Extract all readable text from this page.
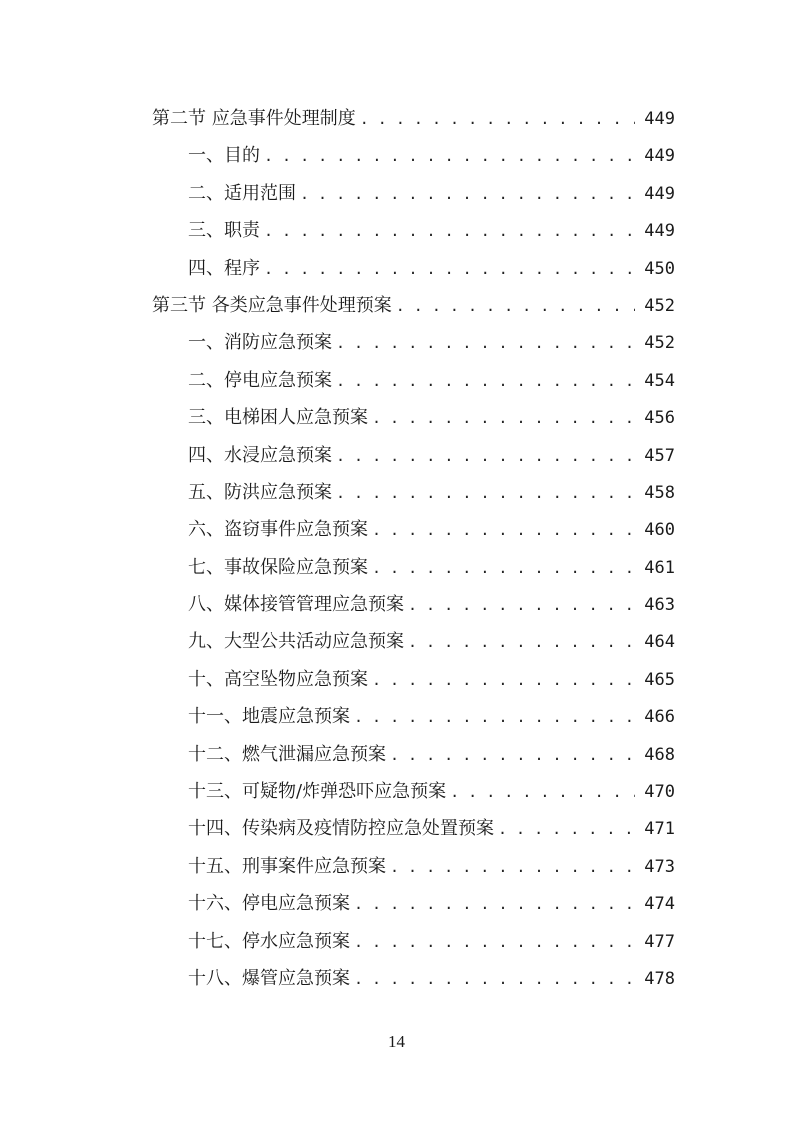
第二节 应急事件处理制度 . . .	449
一、目的 . . .	449
二、适用范围 . . .	449
三、职责 . . .	449
四、程序 . . .	450
第三节 各类应急事件处理预案 . . .	452
一、消防应急预案 . . .	452
二、停电应急预案 . . .	454
三、电梯困人应急预案 . . .	456
四、水浸应急预案 . . .	457
五、防洪应急预案 . . .	458
六、盗窃事件应急预案 . . .	460
七、事故保险应急预案 . . .	461
八、媒体接管管理应急预案 . . .	463
九、大型公共活动应急预案 . . .	464
十、高空坠物应急预案 . . .	465
十一、地震应急预案 . . .	466
十二、燃气泄漏应急预案 . . .	468
十三、可疑物/炸弹恐吓应急预案 . . .	470
十四、传染病及疫情防控应急处置预案 . . .	471
十五、刑事案件应急预案 . . .	473
十六、停电应急预案 . . .	474
十七、停水应急预案 . . .	477
十八、爆管应急预案 . . .	478
14
